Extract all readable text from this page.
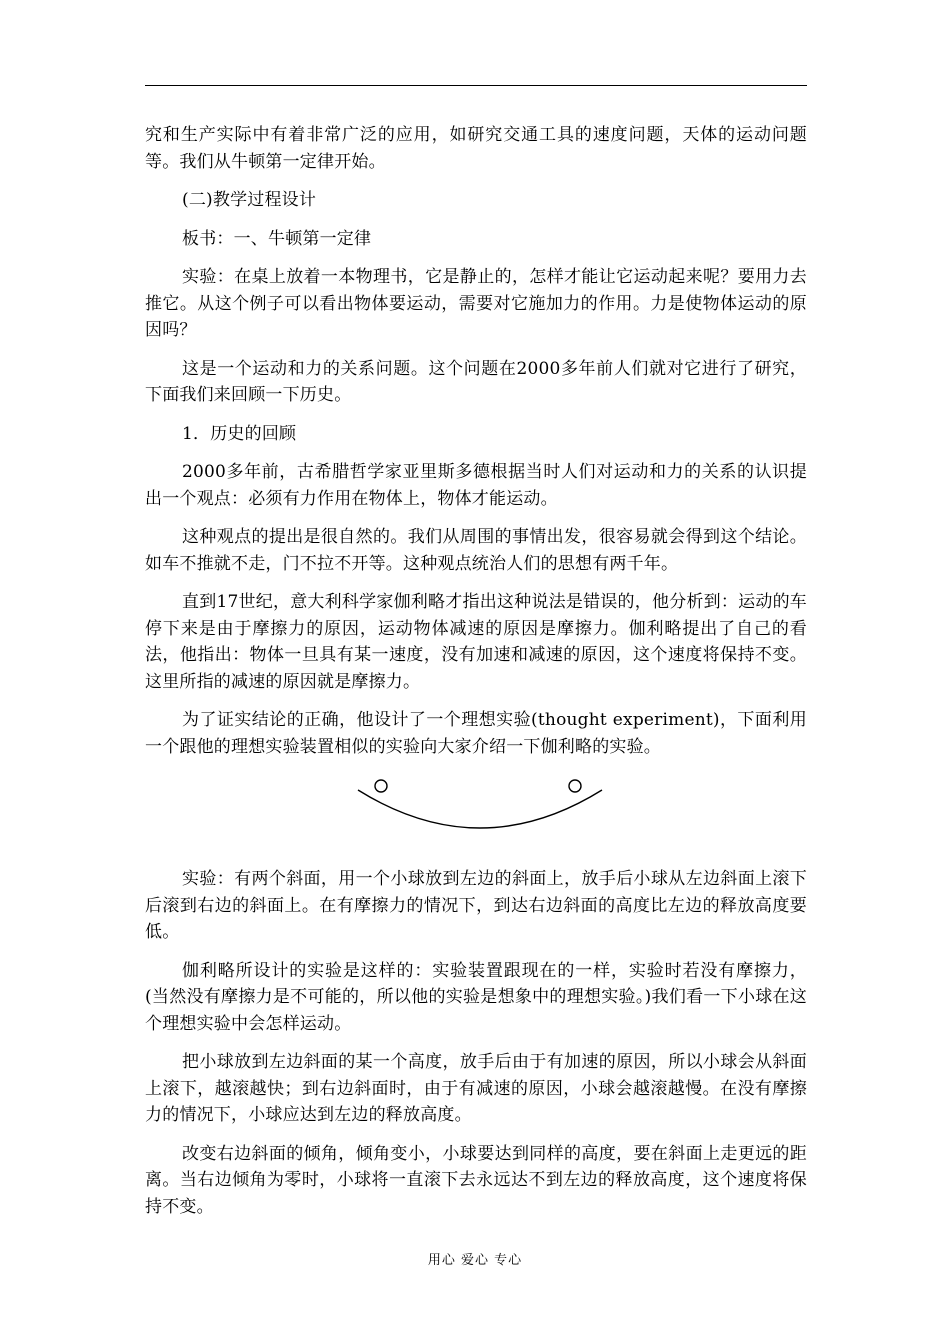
究和生产实际中有着非常广泛的应用，如研究交通工具的速度问题，天体的运动问题等。我们从牛顿第一定律开始。

(二)教学过程设计

板书：一、牛顿第一定律

实验：在桌上放着一本物理书，它是静止的，怎样才能让它运动起来呢？要用力去推它。从这个例子可以看出物体要运动，需要对它施加力的作用。力是使物体运动的原因吗？

这是一个运动和力的关系问题。这个问题在2000多年前人们就对它进行了研究，下面我们来回顾一下历史。

1．历史的回顾

2000多年前，古希腊哲学家亚里斯多德根据当时人们对运动和力的关系的认识提出一个观点：必须有力作用在物体上，物体才能运动。

这种观点的提出是很自然的。我们从周围的事情出发，很容易就会得到这个结论。如车不推就不走，门不拉不开等。这种观点统治人们的思想有两千年。

直到17世纪，意大利科学家伽利略才指出这种说法是错误的，他分析到：运动的车停下来是由于摩擦力的原因，运动物体减速的原因是摩擦力。伽利略提出了自己的看法，他指出：物体一旦具有某一速度，没有加速和减速的原因，这个速度将保持不变。这里所指的减速的原因就是摩擦力。

为了证实结论的正确，他设计了一个理想实验(thought experiment)，下面利用一个跟他的理想实验装置相似的实验向大家介绍一下伽利略的实验。

实验：有两个斜面，用一个小球放到左边的斜面上，放手后小球从左边斜面上滚下后滚到右边的斜面上。在有摩擦力的情况下，到达右边斜面的高度比左边的释放高度要低。

伽利略所设计的实验是这样的：实验装置跟现在的一样，实验时若没有摩擦力，(当然没有摩擦力是不可能的，所以他的实验是想象中的理想实验。)我们看一下小球在这个理想实验中会怎样运动。

把小球放到左边斜面的某一个高度，放手后由于有加速的原因，所以小球会从斜面上滚下，越滚越快；到右边斜面时，由于有减速的原因，小球会越滚越慢。在没有摩擦力的情况下，小球应达到左边的释放高度。

改变右边斜面的倾角，倾角变小，小球要达到同样的高度，要在斜面上走更远的距离。当右边倾角为零时，小球将一直滚下去永远达不到左边的释放高度，这个速度将保持不变。

用心 爱心 专心
